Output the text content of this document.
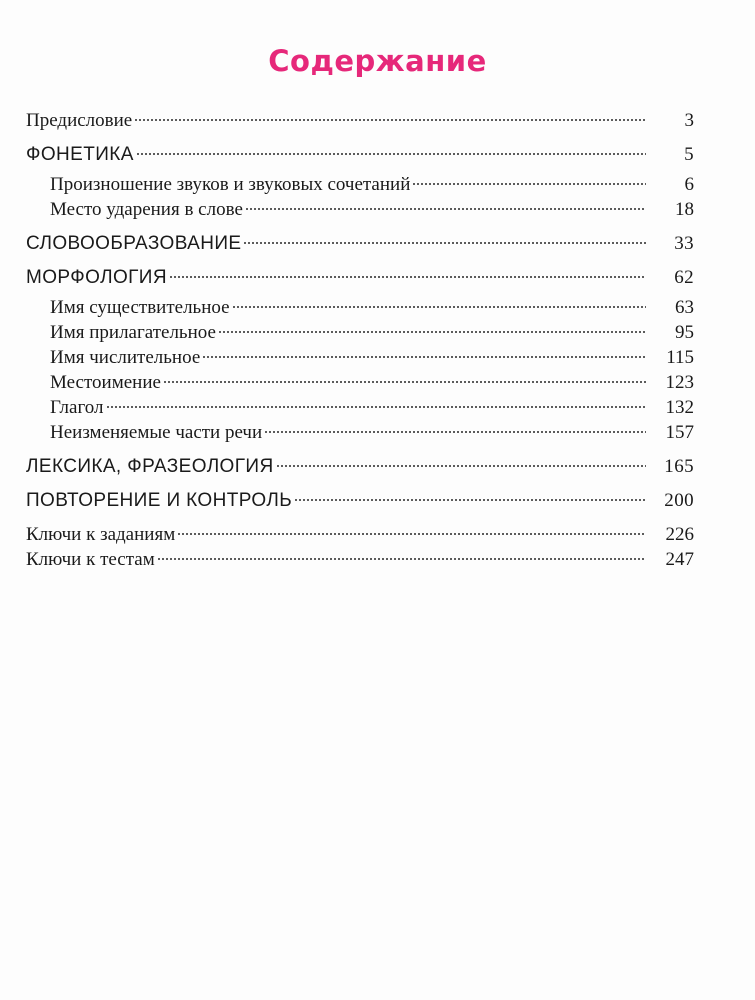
Содержание
Предисловие	3
ФОНЕТИКА	5
Произношение звуков и звуковых сочетаний	6
Место ударения в слове	18
СЛОВООБРАЗОВАНИЕ	33
МОРФОЛОГИЯ	62
Имя существительное	63
Имя прилагательное	95
Имя числительное	115
Местоимение	123
Глагол	132
Неизменяемые части речи	157
ЛЕКСИКА, ФРАЗЕОЛОГИЯ	165
ПОВТОРЕНИЕ И КОНТРОЛЬ	200
Ключи к заданиям	226
Ключи к тестам	247
